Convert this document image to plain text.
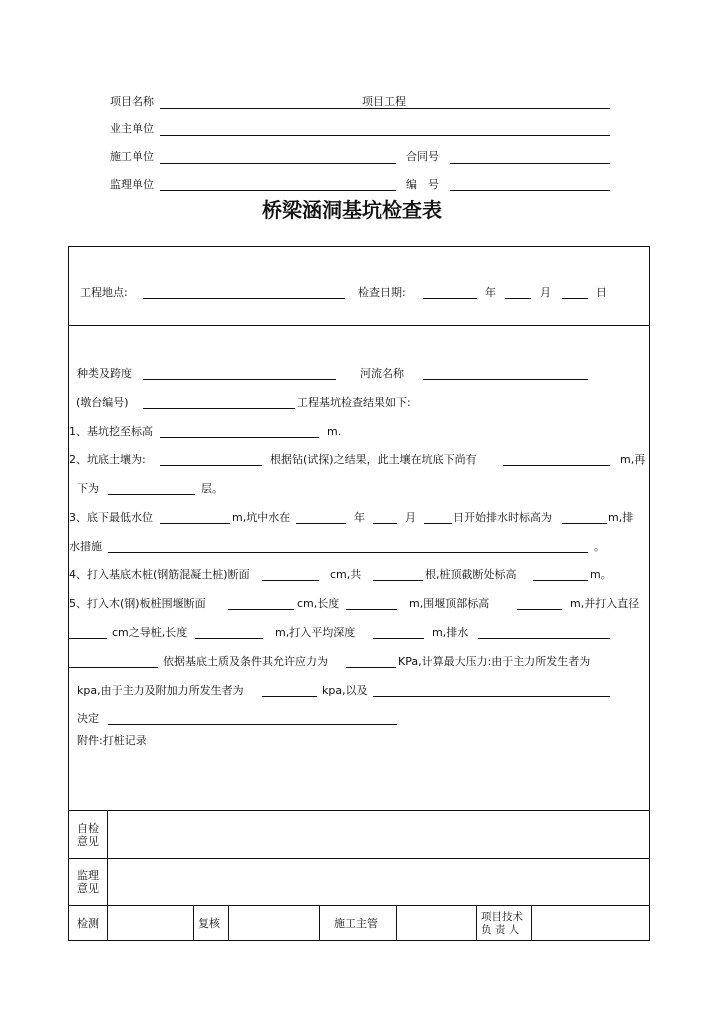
项目名称	项目工程
业主单位
施工单位	合同号
监理单位	编　号
桥梁涵洞基坑检查表
工程地点:	检查日期:	年	月	日
种类及跨度	河流名称
(墩台编号)	工程基坑检查结果如下:
1、基坑挖至标高	m.
2、坑底土壤为:	根据钻(试探)之结果，此土壤在坑底下尚有	m,再
下为	层。
3、底下最低水位	m,坑中水在	年	月	日开始排水时标高为	m,排
水措施	。
4、打入基底木桩(钢筋混凝土桩)断面	cm,共	根,桩顶截断处标高	m。
5、打入木(钢)板桩围堰断面	cm,长度	m,围堰顶部标高	m,并打入直径
cm之导桩,长度	m,打入平均深度	m,排水
依据基底土质及条件其允许应力为	KPa,计算最大压力:由于主力所发生者为
kpa,由于主力及附加力所发生者为	kpa,以及
决定
附件:打桩记录
自检
意见
监理
意见
检测	复核	施工主管	项目技术
负 责 人
